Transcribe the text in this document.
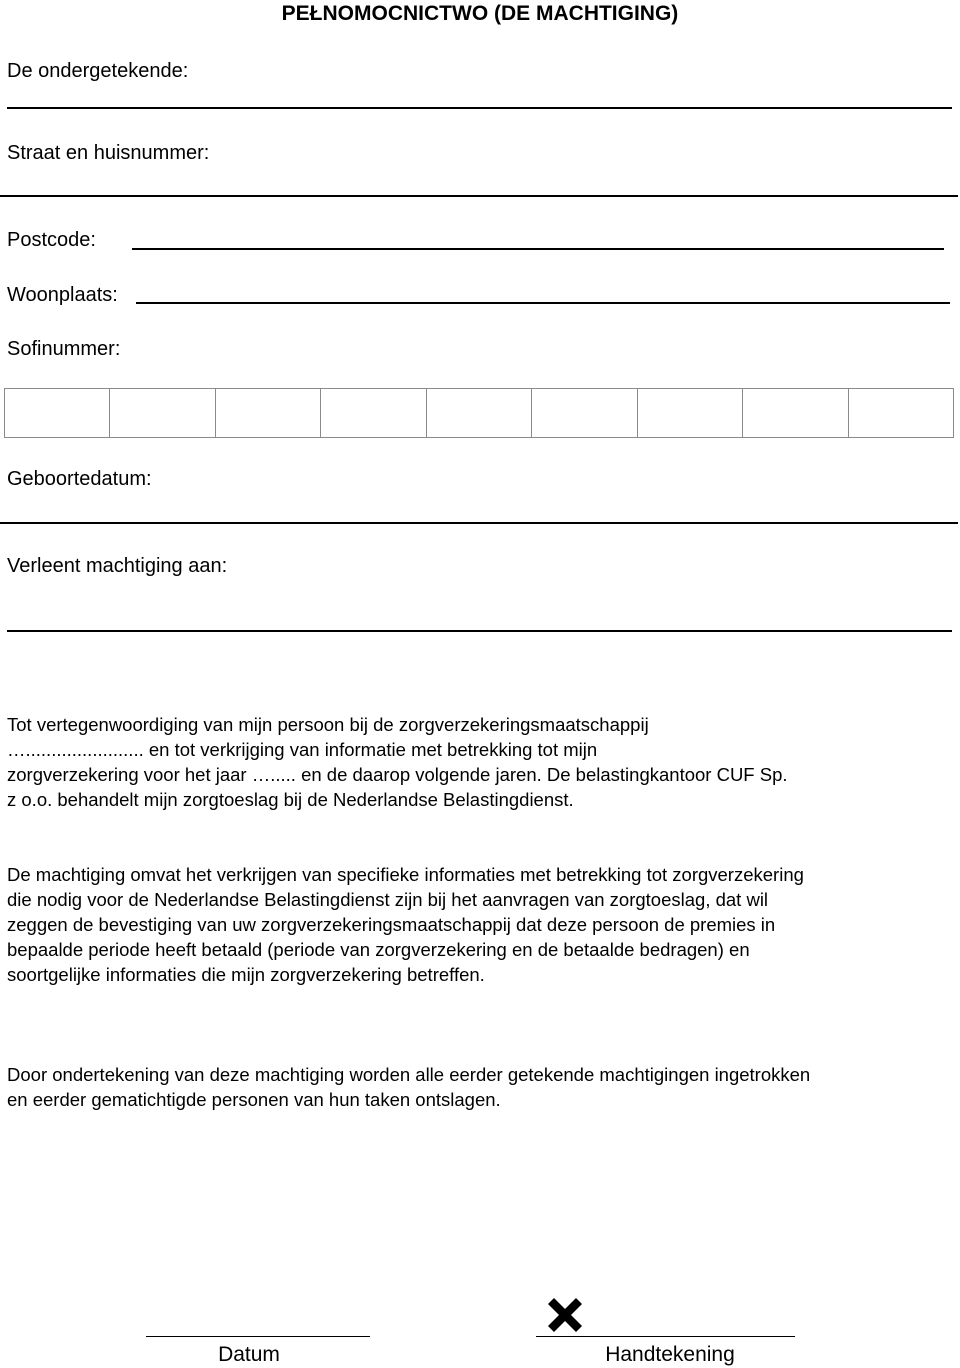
PEŁNOMOCNICTWO (DE MACHTIGING)
De ondergetekende:
Straat en huisnummer:
Postcode:
Woonplaats:
Sofinummer:
Geboortedatum:
Verleent machtiging aan:
Tot vertegenwoordiging van mijn persoon bij de zorgverzekeringsmaatschappij
…....................... en tot verkrijging van informatie met betrekking tot mijn
zorgverzekering voor het jaar …..... en de daarop volgende jaren. De belastingkantoor CUF Sp.
z o.o. behandelt mijn zorgtoeslag bij de Nederlandse Belastingdienst.
De machtiging omvat het verkrijgen van specifieke informaties met betrekking tot zorgverzekering
die nodig voor de Nederlandse Belastingdienst zijn bij het aanvragen van zorgtoeslag, dat wil
zeggen de bevestiging van uw zorgverzekeringsmaatschappij dat deze persoon de premies in
bepaalde periode heeft betaald (periode van zorgverzekering en de betaalde bedragen) en
soortgelijke informaties die mijn zorgverzekering betreffen.
Door ondertekening van deze machtiging worden alle eerder getekende machtigingen ingetrokken
en eerder gematichtigde personen van hun taken ontslagen.
Datum	Handtekening
